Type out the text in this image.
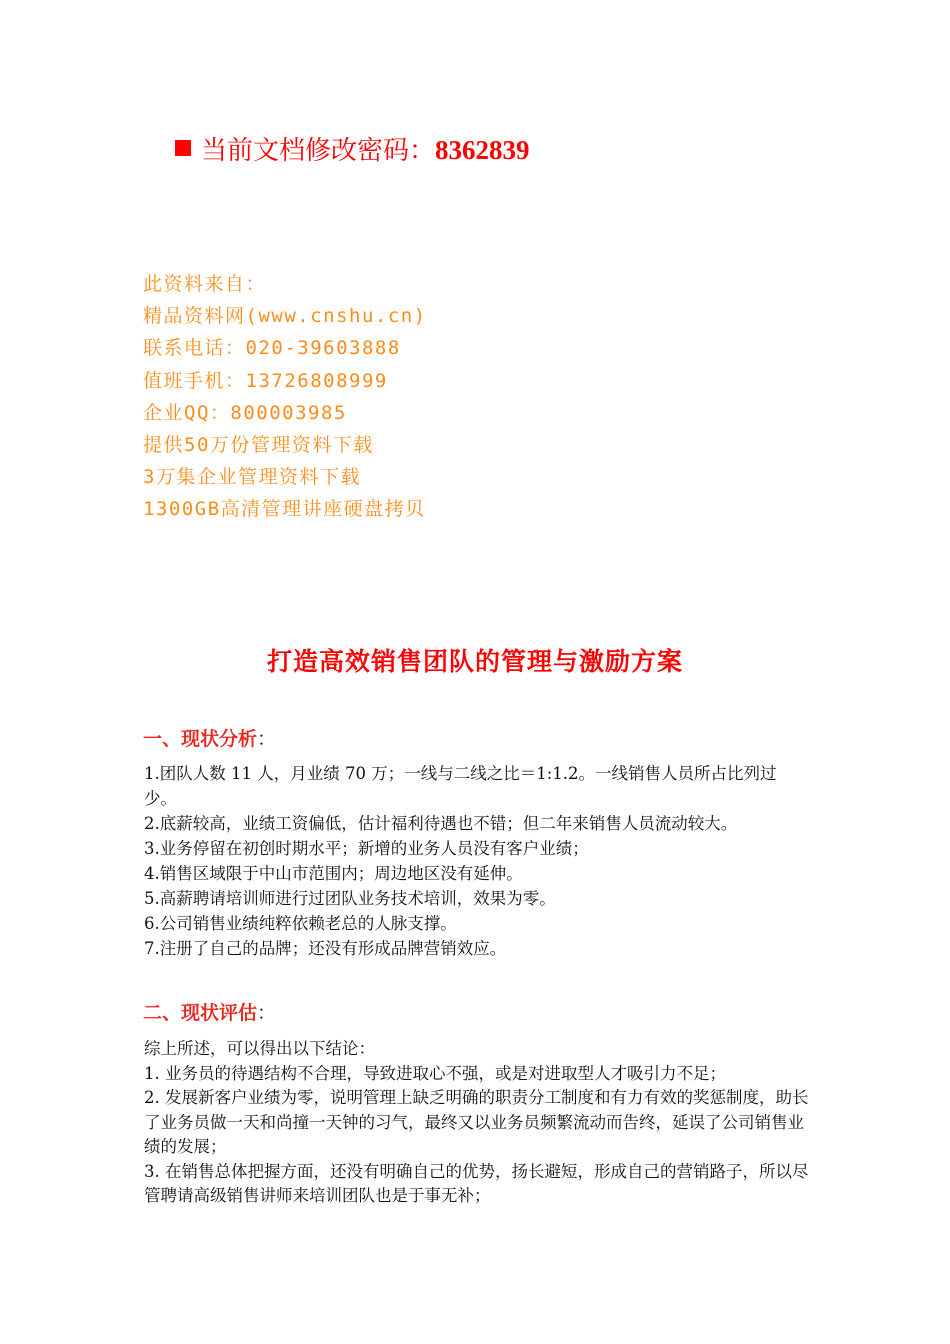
当前文档修改密码：8362839
此资料来自：
精品资料网(www.cnshu.cn)
联系电话：020-39603888
值班手机：13726808999
企业QQ：800003985
提供50万份管理资料下载
3万集企业管理资料下载
1300GB高清管理讲座硬盘拷贝
打造高效销售团队的管理与激励方案
一、现状分析：
1.团队人数 11 人，月业绩 70 万；一线与二线之比＝1:1.2。一线销售人员所占比列过少。
2.底薪较高，业绩工资偏低，估计福利待遇也不错；但二年来销售人员流动较大。
3.业务停留在初创时期水平；新增的业务人员没有客户业绩；
4.销售区域限于中山市范围内；周边地区没有延伸。
5.高薪聘请培训师进行过团队业务技术培训，效果为零。
6.公司销售业绩纯粹依赖老总的人脉支撑。
7.注册了自己的品牌；还没有形成品牌营销效应。
二、现状评估：
综上所述，可以得出以下结论：
1. 业务员的待遇结构不合理，导致进取心不强，或是对进取型人才吸引力不足；
2. 发展新客户业绩为零，说明管理上缺乏明确的职责分工制度和有力有效的奖惩制度，助长了业务员做一天和尚撞一天钟的习气，最终又以业务员频繁流动而告终，延误了公司销售业绩的发展；
3. 在销售总体把握方面，还没有明确自己的优势，扬长避短，形成自己的营销路子，所以尽管聘请高级销售讲师来培训团队也是于事无补；
